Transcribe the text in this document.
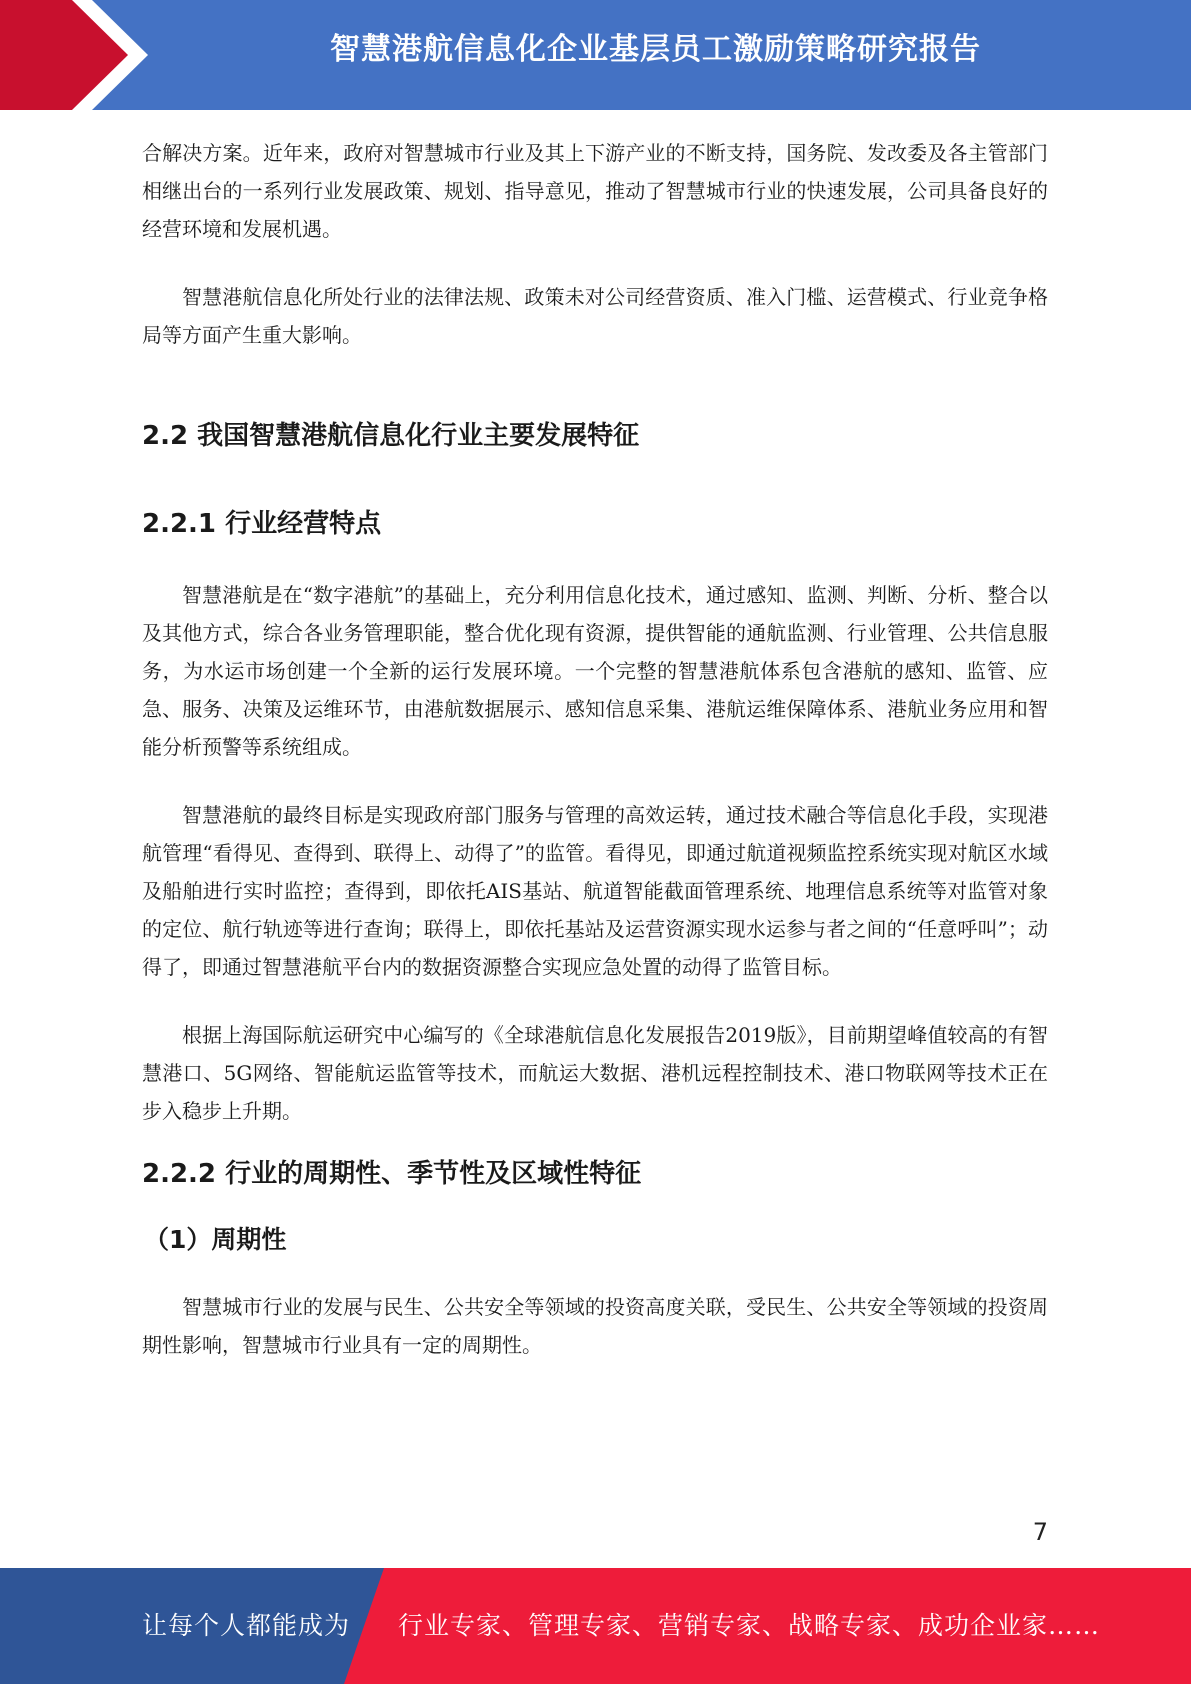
智慧港航信息化企业基层员工激励策略研究报告

合解决方案。近年来，政府对智慧城市行业及其上下游产业的不断支持，国务院、发改委及各主管部门相继出台的一系列行业发展政策、规划、指导意见，推动了智慧城市行业的快速发展，公司具备良好的经营环境和发展机遇。

智慧港航信息化所处行业的法律法规、政策未对公司经营资质、准入门槛、运营模式、行业竞争格局等方面产生重大影响。

2.2 我国智慧港航信息化行业主要发展特征
2.2.1 行业经营特点

智慧港航是在“数字港航”的基础上，充分利用信息化技术，通过感知、监测、判断、分析、整合以及其他方式，综合各业务管理职能，整合优化现有资源，提供智能的通航监测、行业管理、公共信息服务，为水运市场创建一个全新的运行发展环境。一个完整的智慧港航体系包含港航的感知、监管、应急、服务、决策及运维环节，由港航数据展示、感知信息采集、港航运维保障体系、港航业务应用和智能分析预警等系统组成。

智慧港航的最终目标是实现政府部门服务与管理的高效运转，通过技术融合等信息化手段，实现港航管理“看得见、查得到、联得上、动得了”的监管。看得见，即通过航道视频监控系统实现对航区水域及船舶进行实时监控；查得到，即依托AIS基站、航道智能截面管理系统、地理信息系统等对监管对象的定位、航行轨迹等进行查询；联得上，即依托基站及运营资源实现水运参与者之间的“任意呼叫”；动得了，即通过智慧港航平台内的数据资源整合实现应急处置的动得了监管目标。

根据上海国际航运研究中心编写的《全球港航信息化发展报告2019版》，目前期望峰值较高的有智慧港口、5G网络、智能航运监管等技术，而航运大数据、港机远程控制技术、港口物联网等技术正在步入稳步上升期。

2.2.2 行业的周期性、季节性及区域性特征
（1）周期性

智慧城市行业的发展与民生、公共安全等领域的投资高度关联，受民生、公共安全等领域的投资周期性影响，智慧城市行业具有一定的周期性。

7
让每个人都能成为 行业专家、管理专家、营销专家、战略专家、成功企业家……
